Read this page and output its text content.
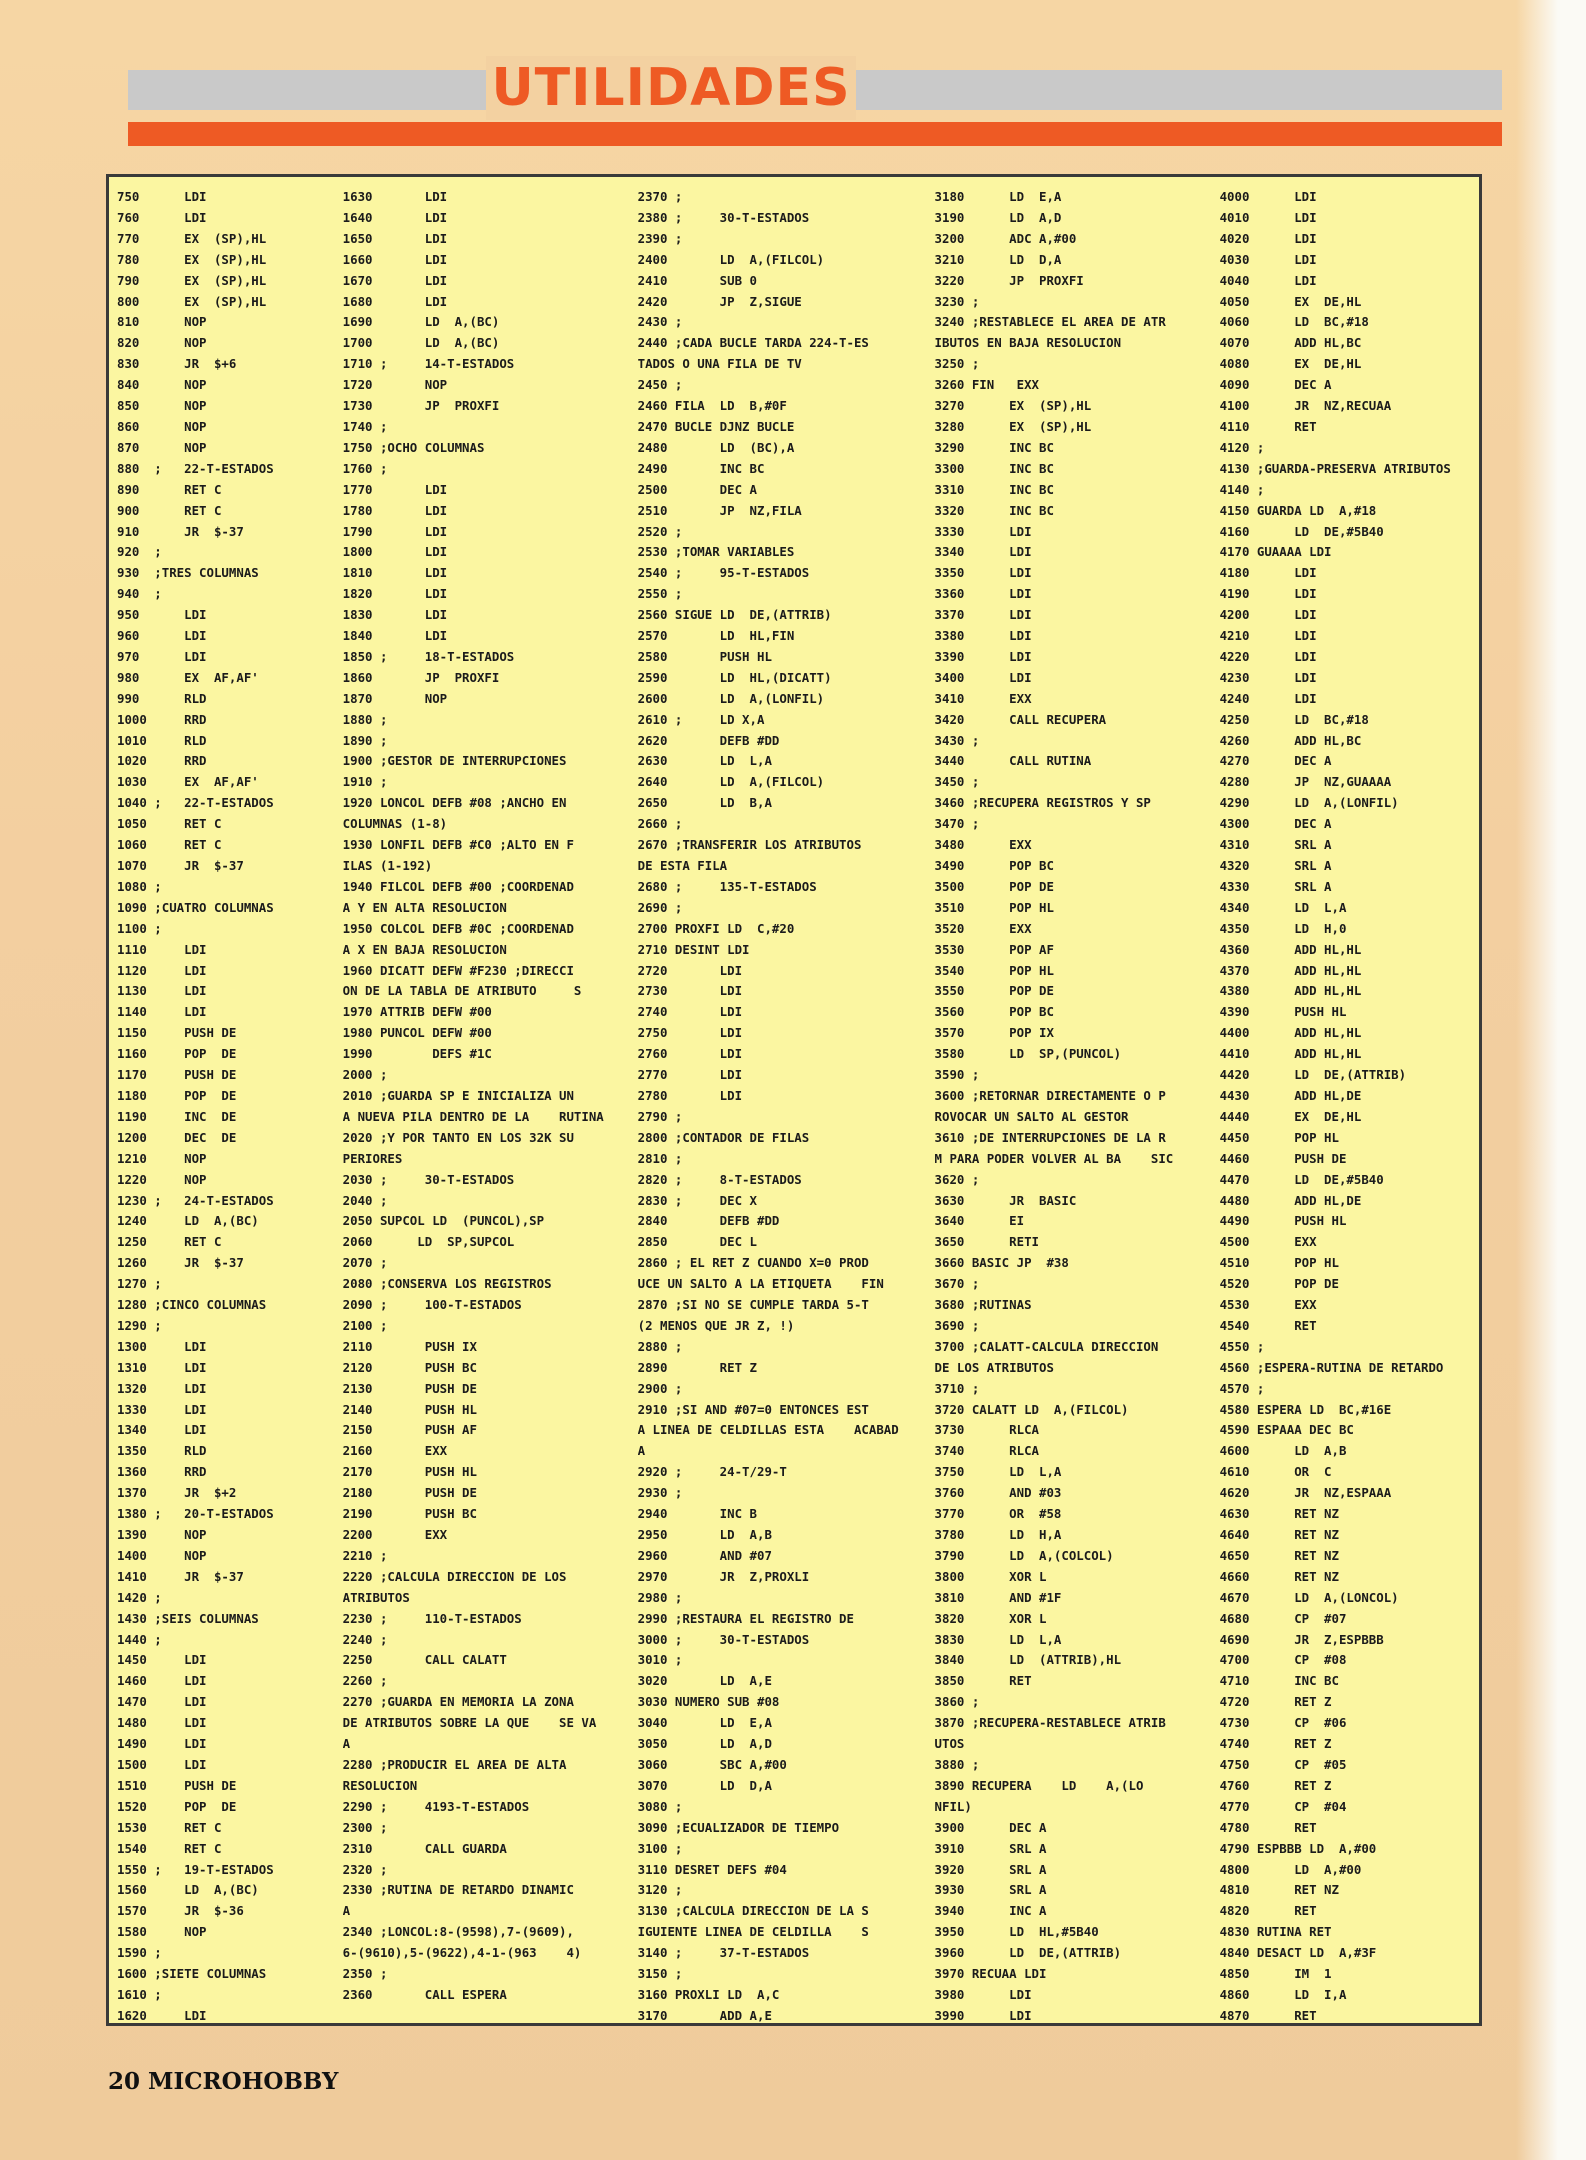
UTILIDADES
750      LDI
760      LDI
770      EX  (SP),HL
780      EX  (SP),HL
790      EX  (SP),HL
800      EX  (SP),HL
810      NOP
820      NOP
830      JR  $+6
840      NOP
850      NOP
860      NOP
870      NOP
880  ;   22-T-ESTADOS
890      RET C
900      RET C
910      JR  $-37
920  ;
930  ;TRES COLUMNAS
940  ;
950      LDI
960      LDI
970      LDI
980      EX  AF,AF'
990      RLD
1000     RRD
1010     RLD
1020     RRD
1030     EX  AF,AF'
1040 ;   22-T-ESTADOS
1050     RET C
1060     RET C
1070     JR  $-37
1080 ;
1090 ;CUATRO COLUMNAS
1100 ;
1110     LDI
1120     LDI
1130     LDI
1140     LDI
1150     PUSH DE
1160     POP  DE
1170     PUSH DE
1180     POP  DE
1190     INC  DE
1200     DEC  DE
1210     NOP
1220     NOP
1230 ;   24-T-ESTADOS
1240     LD  A,(BC)
1250     RET C
1260     JR  $-37
1270 ;
1280 ;CINCO COLUMNAS
1290 ;
1300     LDI
1310     LDI
1320     LDI
1330     LDI
1340     LDI
1350     RLD
1360     RRD
1370     JR  $+2
1380 ;   20-T-ESTADOS
1390     NOP
1400     NOP
1410     JR  $-37
1420 ;
1430 ;SEIS COLUMNAS
1440 ;
1450     LDI
1460     LDI
1470     LDI
1480     LDI
1490     LDI
1500     LDI
1510     PUSH DE
1520     POP  DE
1530     RET C
1540     RET C
1550 ;   19-T-ESTADOS
1560     LD  A,(BC)
1570     JR  $-36
1580     NOP
1590 ;
1600 ;SIETE COLUMNAS
1610 ;
1620     LDI
1630       LDI
1640       LDI
1650       LDI
1660       LDI
1670       LDI
1680       LDI
1690       LD  A,(BC)
1700       LD  A,(BC)
1710 ;     14-T-ESTADOS
1720       NOP
1730       JP  PROXFI
1740 ;
1750 ;OCHO COLUMNAS
1760 ;
1770       LDI
1780       LDI
1790       LDI
1800       LDI
1810       LDI
1820       LDI
1830       LDI
1840       LDI
1850 ;     18-T-ESTADOS
1860       JP  PROXFI
1870       NOP
1880 ;
1890 ;
1900 ;GESTOR DE INTERRUPCIONES
1910 ;
1920 LONCOL DEFB #08 ;ANCHO EN
COLUMNAS (1-8)
1930 LONFIL DEFB #C0 ;ALTO EN F
ILAS (1-192)
1940 FILCOL DEFB #00 ;COORDENAD
A Y EN ALTA RESOLUCION
1950 COLCOL DEFB #0C ;COORDENAD
A X EN BAJA RESOLUCION
1960 DICATT DEFW #F230 ;DIRECCI
ON DE LA TABLA DE ATRIBUTO     S
1970 ATTRIB DEFW #00
1980 PUNCOL DEFW #00
1990        DEFS #1C
2000 ;
2010 ;GUARDA SP E INICIALIZA UN
A NUEVA PILA DENTRO DE LA    RUTINA
2020 ;Y POR TANTO EN LOS 32K SU
PERIORES
2030 ;     30-T-ESTADOS
2040 ;
2050 SUPCOL LD  (PUNCOL),SP
2060      LD  SP,SUPCOL
2070 ;
2080 ;CONSERVA LOS REGISTROS
2090 ;     100-T-ESTADOS
2100 ;
2110       PUSH IX
2120       PUSH BC
2130       PUSH DE
2140       PUSH HL
2150       PUSH AF
2160       EXX
2170       PUSH HL
2180       PUSH DE
2190       PUSH BC
2200       EXX
2210 ;
2220 ;CALCULA DIRECCION DE LOS
ATRIBUTOS
2230 ;     110-T-ESTADOS
2240 ;
2250       CALL CALATT
2260 ;
2270 ;GUARDA EN MEMORIA LA ZONA
DE ATRIBUTOS SOBRE LA QUE    SE VA
A
2280 ;PRODUCIR EL AREA DE ALTA
RESOLUCION
2290 ;     4193-T-ESTADOS
2300 ;
2310       CALL GUARDA
2320 ;
2330 ;RUTINA DE RETARDO DINAMIC
A
2340 ;LONCOL:8-(9598),7-(9609),
6-(9610),5-(9622),4-1-(963    4)
2350 ;
2360       CALL ESPERA
2370 ;
2380 ;     30-T-ESTADOS
2390 ;
2400       LD  A,(FILCOL)
2410       SUB 0
2420       JP  Z,SIGUE
2430 ;
2440 ;CADA BUCLE TARDA 224-T-ES
TADOS O UNA FILA DE TV
2450 ;
2460 FILA  LD  B,#0F
2470 BUCLE DJNZ BUCLE
2480       LD  (BC),A
2490       INC BC
2500       DEC A
2510       JP  NZ,FILA
2520 ;
2530 ;TOMAR VARIABLES
2540 ;     95-T-ESTADOS
2550 ;
2560 SIGUE LD  DE,(ATTRIB)
2570       LD  HL,FIN
2580       PUSH HL
2590       LD  HL,(DICATT)
2600       LD  A,(LONFIL)
2610 ;     LD X,A
2620       DEFB #DD
2630       LD  L,A
2640       LD  A,(FILCOL)
2650       LD  B,A
2660 ;
2670 ;TRANSFERIR LOS ATRIBUTOS
DE ESTA FILA
2680 ;     135-T-ESTADOS
2690 ;
2700 PROXFI LD  C,#20
2710 DESINT LDI
2720       LDI
2730       LDI
2740       LDI
2750       LDI
2760       LDI
2770       LDI
2780       LDI
2790 ;
2800 ;CONTADOR DE FILAS
2810 ;
2820 ;     8-T-ESTADOS
2830 ;     DEC X
2840       DEFB #DD
2850       DEC L
2860 ; EL RET Z CUANDO X=0 PROD
UCE UN SALTO A LA ETIQUETA    FIN
2870 ;SI NO SE CUMPLE TARDA 5-T
(2 MENOS QUE JR Z, !)
2880 ;
2890       RET Z
2900 ;
2910 ;SI AND #07=0 ENTONCES EST
A LINEA DE CELDILLAS ESTA    ACABAD
A
2920 ;     24-T/29-T
2930 ;
2940       INC B
2950       LD  A,B
2960       AND #07
2970       JR  Z,PROXLI
2980 ;
2990 ;RESTAURA EL REGISTRO DE
3000 ;     30-T-ESTADOS
3010 ;
3020       LD  A,E
3030 NUMERO SUB #08
3040       LD  E,A
3050       LD  A,D
3060       SBC A,#00
3070       LD  D,A
3080 ;
3090 ;ECUALIZADOR DE TIEMPO
3100 ;
3110 DESRET DEFS #04
3120 ;
3130 ;CALCULA DIRECCION DE LA S
IGUIENTE LINEA DE CELDILLA    S
3140 ;     37-T-ESTADOS
3150 ;
3160 PROXLI LD  A,C
3170       ADD A,E
3180      LD  E,A
3190      LD  A,D
3200      ADC A,#00
3210      LD  D,A
3220      JP  PROXFI
3230 ;
3240 ;RESTABLECE EL AREA DE ATR
IBUTOS EN BAJA RESOLUCION
3250 ;
3260 FIN   EXX
3270      EX  (SP),HL
3280      EX  (SP),HL
3290      INC BC
3300      INC BC
3310      INC BC
3320      INC BC
3330      LDI
3340      LDI
3350      LDI
3360      LDI
3370      LDI
3380      LDI
3390      LDI
3400      LDI
3410      EXX
3420      CALL RECUPERA
3430 ;
3440      CALL RUTINA
3450 ;
3460 ;RECUPERA REGISTROS Y SP
3470 ;
3480      EXX
3490      POP BC
3500      POP DE
3510      POP HL
3520      EXX
3530      POP AF
3540      POP HL
3550      POP DE
3560      POP BC
3570      POP IX
3580      LD  SP,(PUNCOL)
3590 ;
3600 ;RETORNAR DIRECTAMENTE O P
ROVOCAR UN SALTO AL GESTOR
3610 ;DE INTERRUPCIONES DE LA R
M PARA PODER VOLVER AL BA    SIC
3620 ;
3630      JR  BASIC
3640      EI
3650      RETI
3660 BASIC JP  #38
3670 ;
3680 ;RUTINAS
3690 ;
3700 ;CALATT-CALCULA DIRECCION
DE LOS ATRIBUTOS
3710 ;
3720 CALATT LD  A,(FILCOL)
3730      RLCA
3740      RLCA
3750      LD  L,A
3760      AND #03
3770      OR  #58
3780      LD  H,A
3790      LD  A,(COLCOL)
3800      XOR L
3810      AND #1F
3820      XOR L
3830      LD  L,A
3840      LD  (ATTRIB),HL
3850      RET
3860 ;
3870 ;RECUPERA-RESTABLECE ATRIB
UTOS
3880 ;
3890 RECUPERA    LD    A,(LO
NFIL)
3900      DEC A
3910      SRL A
3920      SRL A
3930      SRL A
3940      INC A
3950      LD  HL,#5B40
3960      LD  DE,(ATTRIB)
3970 RECUAA LDI
3980      LDI
3990      LDI
4000      LDI
4010      LDI
4020      LDI
4030      LDI
4040      LDI
4050      EX  DE,HL
4060      LD  BC,#18
4070      ADD HL,BC
4080      EX  DE,HL
4090      DEC A
4100      JR  NZ,RECUAA
4110      RET
4120 ;
4130 ;GUARDA-PRESERVA ATRIBUTOS
4140 ;
4150 GUARDA LD  A,#18
4160      LD  DE,#5B40
4170 GUAAAA LDI
4180      LDI
4190      LDI
4200      LDI
4210      LDI
4220      LDI
4230      LDI
4240      LDI
4250      LD  BC,#18
4260      ADD HL,BC
4270      DEC A
4280      JP  NZ,GUAAAA
4290      LD  A,(LONFIL)
4300      DEC A
4310      SRL A
4320      SRL A
4330      SRL A
4340      LD  L,A
4350      LD  H,0
4360      ADD HL,HL
4370      ADD HL,HL
4380      ADD HL,HL
4390      PUSH HL
4400      ADD HL,HL
4410      ADD HL,HL
4420      LD  DE,(ATTRIB)
4430      ADD HL,DE
4440      EX  DE,HL
4450      POP HL
4460      PUSH DE
4470      LD  DE,#5B40
4480      ADD HL,DE
4490      PUSH HL
4500      EXX
4510      POP HL
4520      POP DE
4530      EXX
4540      RET
4550 ;
4560 ;ESPERA-RUTINA DE RETARDO
4570 ;
4580 ESPERA LD  BC,#16E
4590 ESPAAA DEC BC
4600      LD  A,B
4610      OR  C
4620      JR  NZ,ESPAAA
4630      RET NZ
4640      RET NZ
4650      RET NZ
4660      RET NZ
4670      LD  A,(LONCOL)
4680      CP  #07
4690      JR  Z,ESPBBB
4700      CP  #08
4710      INC BC
4720      RET Z
4730      CP  #06
4740      RET Z
4750      CP  #05
4760      RET Z
4770      CP  #04
4780      RET
4790 ESPBBB LD  A,#00
4800      LD  A,#00
4810      RET NZ
4820      RET
4830 RUTINA RET
4840 DESACT LD  A,#3F
4850      IM  1
4860      LD  I,A
4870      RET
20 MICROHOBBY
